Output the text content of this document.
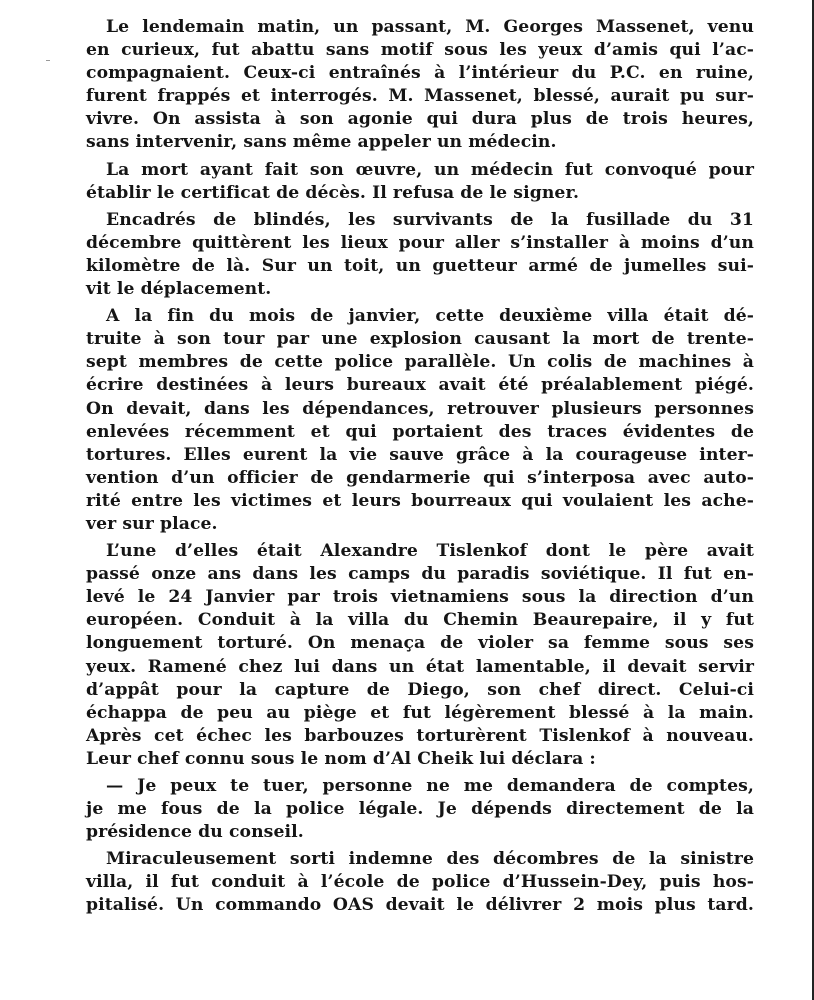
Le lendemain matin, un passant, M. Georges Massenet, venu
en curieux, fut abattu sans motif sous les yeux d’amis qui l’ac-
compagnaient. Ceux-ci entraînés à l’intérieur du P.C. en ruine,
furent frappés et interrogés. M. Massenet, blessé, aurait pu sur-
vivre. On assista à son agonie qui dura plus de trois heures,
sans intervenir, sans même appeler un médecin.
La mort ayant fait son œuvre, un médecin fut convoqué pour
établir le certificat de décès. Il refusa de le signer.
Encadrés de blindés, les survivants de la fusillade du 31
décembre quittèrent les lieux pour aller s’installer à moins d’un
kilomètre de là. Sur un toit, un guetteur armé de jumelles sui-
vit le déplacement.
A la fin du mois de janvier, cette deuxième villa était dé-
truite à son tour par une explosion causant la mort de trente-
sept membres de cette police parallèle. Un colis de machines à
écrire destinées à leurs bureaux avait été préalablement piégé.
On devait, dans les dépendances, retrouver plusieurs personnes
enlevées récemment et qui portaient des traces évidentes de
tortures. Elles eurent la vie sauve grâce à la courageuse inter-
vention d’un officier de gendarmerie qui s’interposa avec auto-
rité entre les victimes et leurs bourreaux qui voulaient les ache-
ver sur place.
L’une d’elles était Alexandre Tislenkof dont le père avait
passé onze ans dans les camps du paradis soviétique. Il fut en-
levé le 24 Janvier par trois vietnamiens sous la direction d’un
européen. Conduit à la villa du Chemin Beaurepaire, il y fut
longuement torturé. On menaça de violer sa femme sous ses
yeux. Ramené chez lui dans un état lamentable, il devait servir
d’appât pour la capture de Diego, son chef direct. Celui-ci
échappa de peu au piège et fut légèrement blessé à la main.
Après cet échec les barbouzes torturèrent Tislenkof à nouveau.
Leur chef connu sous le nom d’Al Cheik lui déclara :
— Je peux te tuer, personne ne me demandera de comptes,
je me fous de la police légale. Je dépends directement de la
présidence du conseil.
Miraculeusement sorti indemne des décombres de la sinistre
villa, il fut conduit à l’école de police d’Hussein-Dey, puis hos-
pitalisé. Un commando OAS devait le délivrer 2 mois plus tard.
